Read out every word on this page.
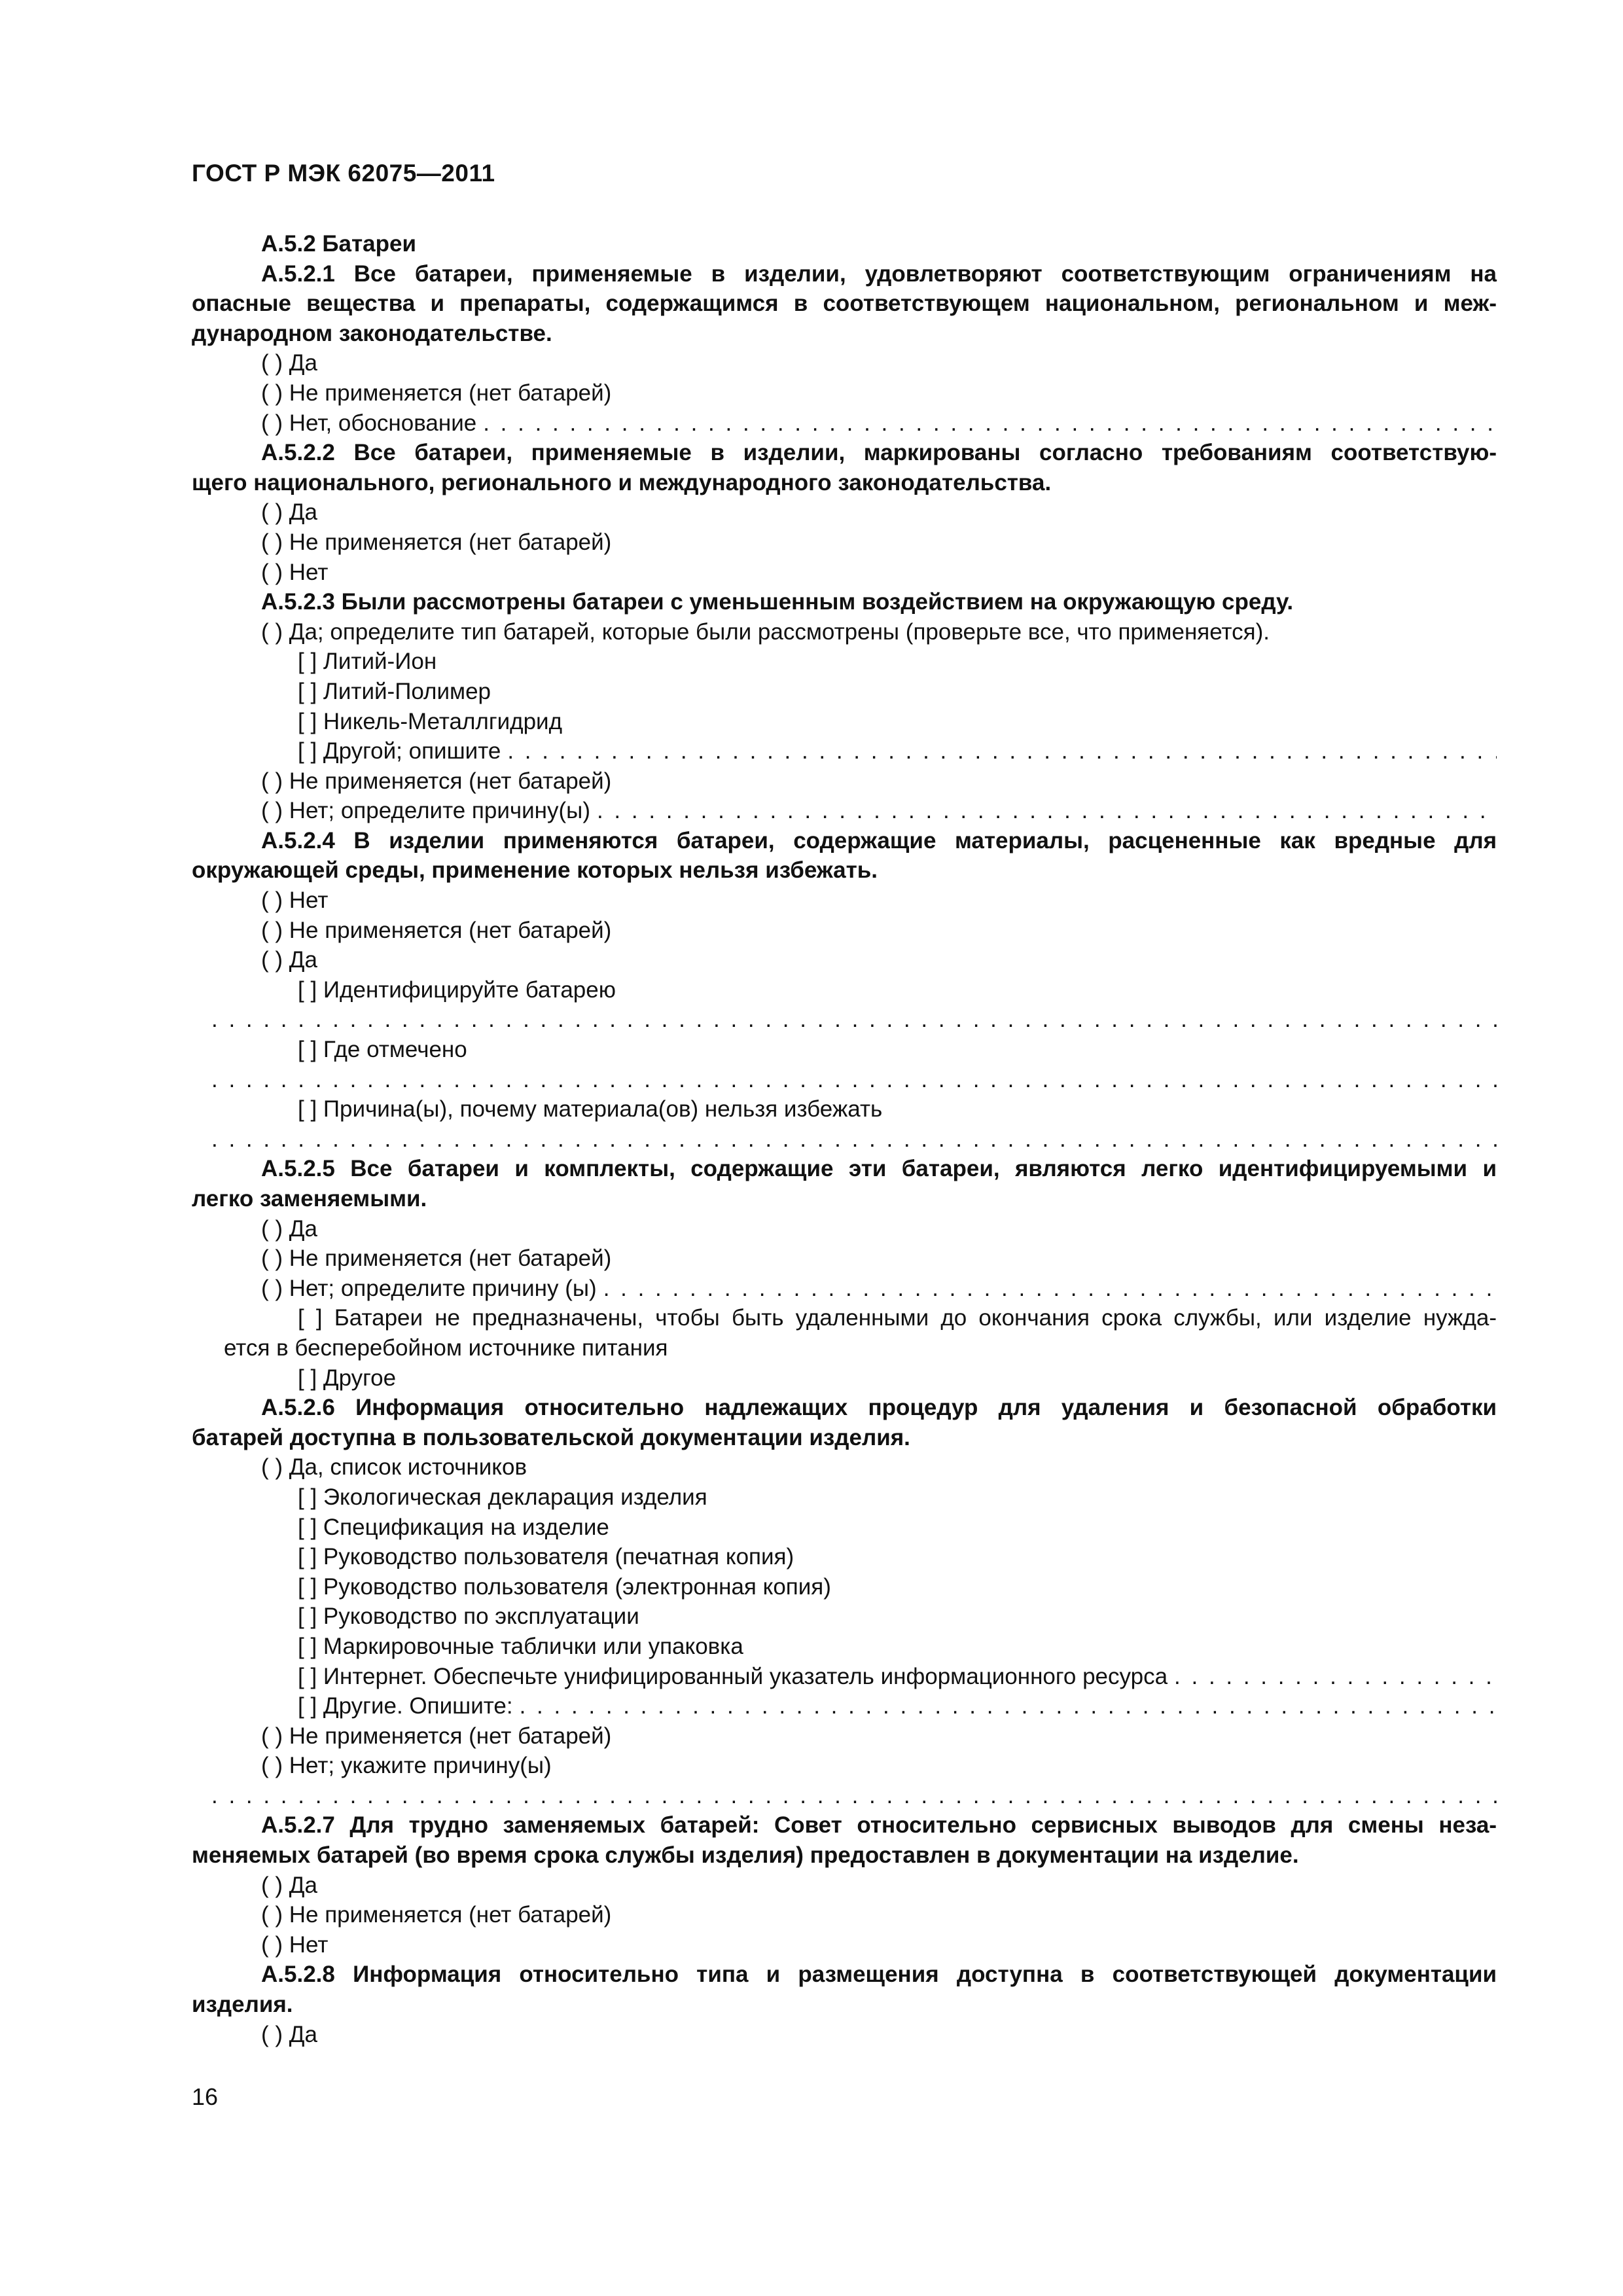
ГОСТ Р МЭК 62075—2011
А.5.2 Батареи
А.5.2.1 Все батареи, применяемые в изделии, удовлетворяют соответствующим ограничениям на
опасные вещества и препараты, содержащимся в соответствующем национальном, региональном и меж-
дународном законодательстве.
( ) Да
( ) Не применяется (нет батарей)
( ) Нет, обоснование
. . .
А.5.2.2 Все батареи, применяемые в изделии, маркированы согласно требованиям соответствую-
щего национального, регионального и международного законодательства.
( ) Да
( ) Не применяется (нет батарей)
( ) Нет
А.5.2.3 Были рассмотрены батареи с уменьшенным воздействием на окружающую среду.
( ) Да; определите тип батарей, которые были рассмотрены (проверьте все, что применяется).
[ ] Литий-Ион
[ ] Литий-Полимер
[ ] Никель-Металлгидрид
[ ] Другой; опишите
. . .
( ) Не применяется (нет батарей)
( ) Нет; определите причину(ы)
. . .
А.5.2.4 В изделии применяются батареи, содержащие материалы, расцененные как вредные для
окружающей среды, применение которых нельзя избежать.
( ) Нет
( ) Не применяется (нет батарей)
( ) Да
[ ] Идентифицируйте батарею
. . .
[ ] Где отмечено
. . .
[ ] Причина(ы), почему материала(ов) нельзя избежать
. . .
А.5.2.5 Все батареи и комплекты, содержащие эти батареи, являются легко идентифицируемыми и
легко заменяемыми.
( ) Да
( ) Не применяется (нет батарей)
( ) Нет; определите причину (ы)
. . .
[ ] Батареи не предназначены, чтобы быть удаленными до окончания срока службы, или изделие нужда-
ется в бесперебойном источнике питания
[ ] Другое
А.5.2.6 Информация относительно надлежащих процедур для удаления и безопасной обработки
батарей доступна в пользовательской документации изделия.
( ) Да, список источников
[ ] Экологическая декларация изделия
[ ] Спецификация на изделие
[ ] Руководство пользователя (печатная копия)
[ ] Руководство пользователя (электронная копия)
[ ] Руководство по эксплуатации
[ ] Маркировочные таблички или упаковка
[ ] Интернет. Обеспечьте унифицированный указатель информационного ресурса
. . .
[ ] Другие. Опишите:
. . .
( ) Не применяется (нет батарей)
( ) Нет; укажите причину(ы)
. . .
А.5.2.7 Для трудно заменяемых батарей: Совет относительно сервисных выводов для смены неза-
меняемых батарей (во время срока службы изделия) предоставлен в документации на изделие.
( ) Да
( ) Не применяется (нет батарей)
( ) Нет
А.5.2.8 Информация относительно типа и размещения доступна в соответствующей документации
изделия.
( ) Да
16
